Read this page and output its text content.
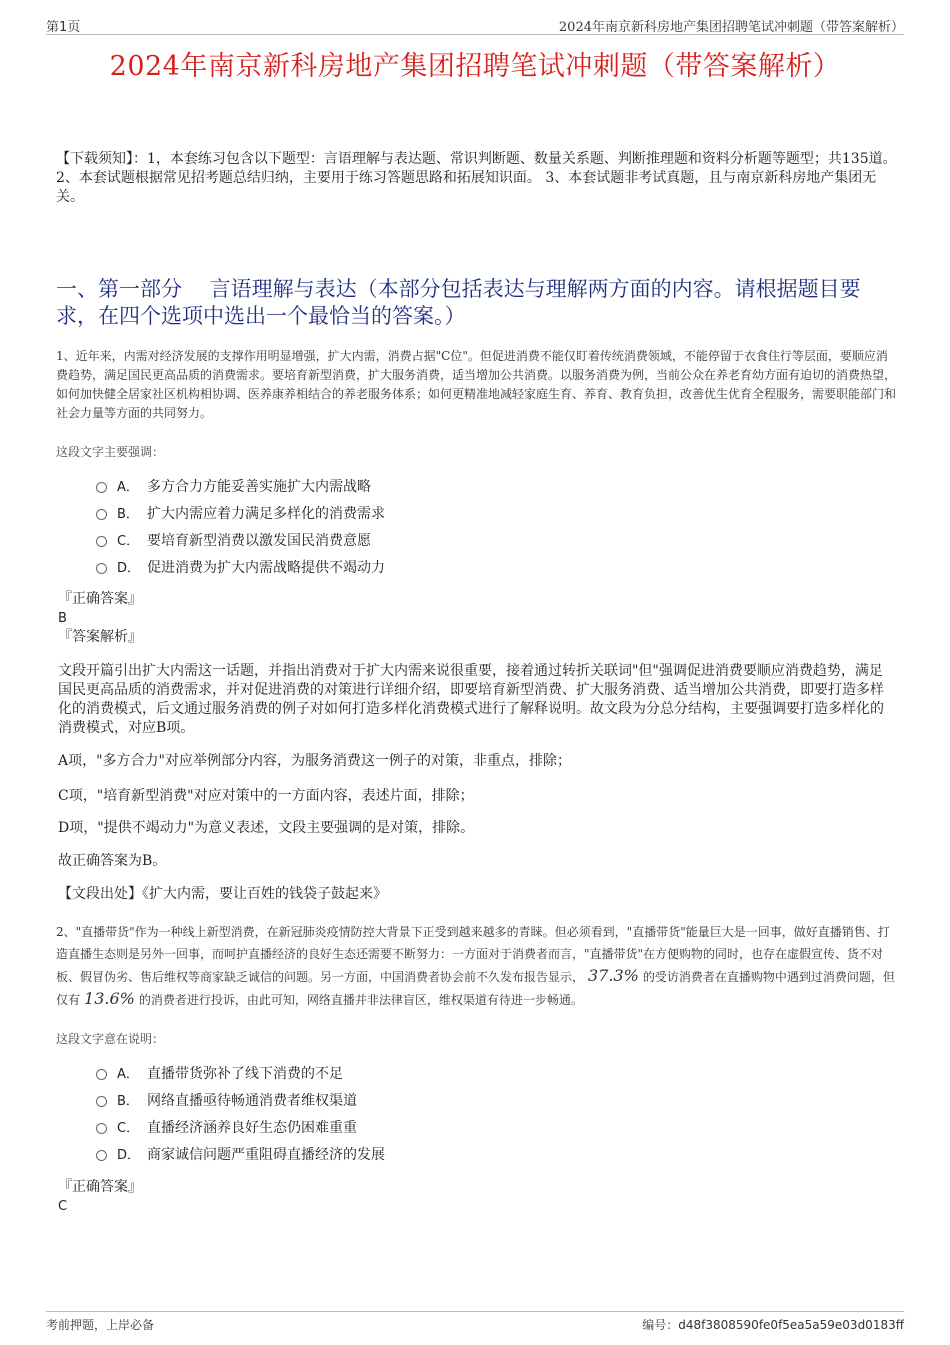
第1页	2024年南京新科房地产集团招聘笔试冲刺题（带答案解析）
2024年南京新科房地产集团招聘笔试冲刺题（带答案解析）
【下载须知】：1，本套练习包含以下题型：言语理解与表达题、常识判断题、数量关系题、判断推理题和资料分析题等题型；共135道。 2、本套试题根据常见招考题总结归纳，主要用于练习答题思路和拓展知识面。 3、本套试题非考试真题，且与南京新科房地产集团无关。
一、第一部分　 言语理解与表达（本部分包括表达与理解两方面的内容。请根据题目要求，在四个选项中选出一个最恰当的答案。）
1、近年来，内需对经济发展的支撑作用明显增强，扩大内需，消费占据"C位"。但促进消费不能仅盯着传统消费领域，不能停留于衣食住行等层面，要顺应消费趋势，满足国民更高品质的消费需求。要培育新型消费，扩大服务消费，适当增加公共消费。以服务消费为例，当前公众在养老育幼方面有迫切的消费热望，如何加快健全居家社区机构相协调、医养康养相结合的养老服务体系；如何更精准地减轻家庭生育、养育、教育负担，改善优生优育全程服务，需要职能部门和社会力量等方面的共同努力。
这段文字主要强调：
A． 多方合力方能妥善实施扩大内需战略
B． 扩大内需应着力满足多样化的消费需求
C． 要培育新型消费以激发国民消费意愿
D． 促进消费为扩大内需战略提供不竭动力
『正确答案』
B
『答案解析』
文段开篇引出扩大内需这一话题，并指出消费对于扩大内需来说很重要，接着通过转折关联词"但"强调促进消费要顺应消费趋势，满足国民更高品质的消费需求，并对促进消费的对策进行详细介绍，即要培育新型消费、扩大服务消费、适当增加公共消费，即要打造多样化的消费模式，后文通过服务消费的例子对如何打造多样化消费模式进行了解释说明。故文段为分总分结构，主要强调要打造多样化的消费模式，对应B项。
A项，"多方合力"对应举例部分内容，为服务消费这一例子的对策，非重点，排除；
C项，"培育新型消费"对应对策中的一方面内容，表述片面，排除；
D项，"提供不竭动力"为意义表述，文段主要强调的是对策，排除。
故正确答案为B。
【文段出处】《扩大内需，要让百姓的钱袋子鼓起来》
2、"直播带货"作为一种线上新型消费，在新冠肺炎疫情防控大背景下正受到越来越多的青睐。但必须看到，"直播带货"能量巨大是一回事，做好直播销售、打造直播生态则是另外一回事，而呵护直播经济的良好生态还需要不断努力：一方面对于消费者而言，"直播带货"在方便购物的同时，也存在虚假宣传、货不对板、假冒伪劣、售后维权等商家缺乏诚信的问题。另一方面，中国消费者协会前不久发布报告显示， 37.3% 的受访消费者在直播购物中遇到过消费问题，但仅有 13.6% 的消费者进行投诉，由此可知，网络直播并非法律盲区，维权渠道有待进一步畅通。
这段文字意在说明：
A． 直播带货弥补了线下消费的不足
B． 网络直播亟待畅通消费者维权渠道
C． 直播经济涵养良好生态仍困难重重
D． 商家诚信问题严重阻碍直播经济的发展
『正确答案』
C
考前押题，上岸必备	编号：d48f3808590fe0f5ea5a59e03d0183ff
